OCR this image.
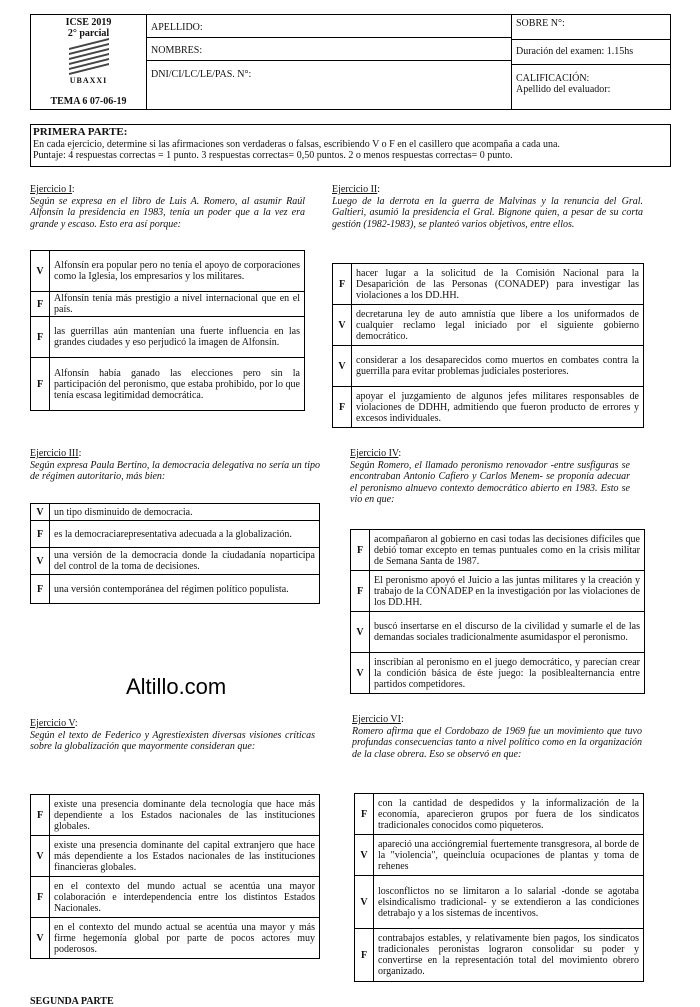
ICSE 2019
2° parcial
UBAXXI
TEMA 6 07-06-19
APELLIDO:
NOMBRES:
DNI/CI/LC/LE/PAS. N°:
SOBRE N°:
Duración del examen: 1.15hs
CALIFICACIÓN:
Apellido del evaluador:
PRIMERA PARTE:
En cada ejercicio, determine si las afirmaciones son verdaderas o falsas, escribiendo V o F en el casillero que acompaña a cada una.
Puntaje: 4 respuestas correctas = 1 punto. 3 respuestas correctas= 0,50 puntos. 2 o menos respuestas correctas= 0 punto.
Ejercicio I:
Según se expresa en el libro de Luis A. Romero, al asumir Raúl Alfonsín la presidencia en 1983, tenía un poder que a la vez era grande y escaso. Esto era así porque:
V	Alfonsín era popular pero no tenía el apoyo de corporaciones como la Iglesia, los empresarios y los militares.
F	Alfonsín tenía más prestigio a nivel internacional que en el país.
F	las guerrillas aún mantenían una fuerte influencia en las grandes ciudades y eso perjudicó la imagen de Alfonsín.
F	Alfonsín había ganado las elecciones pero sin la participación del peronismo, que estaba prohibido, por lo que tenía escasa legitimidad democrática.
Ejercicio II:
Luego de la derrota en la guerra de Malvinas y la renuncia del Gral. Galtieri, asumió la presidencia el Gral. Bignone quien, a pesar de su corta gestión (1982-1983), se planteó varios objetivos, entre ellos.
F	hacer lugar a la solicitud de la Comisión Nacional para la Desaparición de las Personas (CONADEP) para investigar las violaciones a los DD.HH.
V	decretaruna ley de auto amnistía que libere a los uniformados de cualquier reclamo legal iniciado por el siguiente gobierno democrático.
V	considerar a los desaparecidos como muertos en combates contra la guerrilla para evitar problemas judiciales posteriores.
F	apoyar el juzgamiento de algunos jefes militares responsables de violaciones de DDHH, admitiendo que fueron producto de errores y excesos individuales.
Ejercicio III:
Según expresa Paula Bertino, la democracia delegativa no sería un tipo de régimen autoritario, más bien:
V	un tipo disminuido de democracia.
F	es la democraciarepresentativa adecuada a la globalización.
V	una versión de la democracia donde la ciudadanía noparticipa del control de la toma de decisiones.
F	una versión contemporánea del régimen político populista.
Ejercicio IV:
Según Romero, el llamado peronismo renovador -entre susfiguras se encontraban Antonio Cafiero y Carlos Menem- se proponía adecuar el peronismo alnuevo contexto democrático abierto en 1983. Esto se vio en que:
F	acompañaron al gobierno en casi todas las decisiones difíciles que debió tomar excepto en temas puntuales como en la crisis militar de Semana Santa de 1987.
F	El peronismo apoyó el Juicio a las juntas militares y la creación y trabajo de la CONADEP en la investigación por las violaciones de los DD.HH.
V	buscó insertarse en el discurso de la civilidad y sumarle el de las demandas sociales tradicionalmente asumidaspor el peronismo.
V	inscribían al peronismo en el juego democrático, y parecían crear la condición básica de éste juego: la posiblealternancia entre partidos competidores.
Altillo.com
Ejercicio V:
Según el texto de Federico y Agrestiexisten diversas visiones críticas sobre la globalización que mayormente consideran que:
F	existe una presencia dominante dela tecnología que hace más dependiente a los Estados nacionales de las instituciones globales.
V	existe una presencia dominante del capital extranjero que hace más dependiente a los Estados nacionales de las instituciones financieras globales.
F	en el contexto del mundo actual se acentúa una mayor colaboración e interdependencia entre los distintos Estados Nacionales.
V	en el contexto del mundo actual se acentúa una mayor y más firme hegemonía global por parte de pocos actores muy poderosos.
Ejercicio VI:
Romero afirma que el Cordobazo de 1969 fue un movimiento que tuvo profundas consecuencias tanto a nivel político como en la organización de la clase obrera. Eso se observó en que:
F	con la cantidad de despedidos y la informalización de la economía, aparecieron grupos por fuera de los sindicatos tradicionales conocidos como piqueteros.
V	apareció una accióngremial fuertemente transgresora, al borde de la "violencia", queincluía ocupaciones de plantas y toma de rehenes
V	losconflictos no se limitaron a lo salarial -donde se agotaba elsindicalismo tradicional- y se extendieron a las condiciones detrabajo y a los sistemas de incentivos.
F	contrabajos estables, y relativamente bien pagos, los sindicatos tradicionales peronistas lograron consolidar su poder y convertirse en la representación total del movimiento obrero organizado.
SEGUNDA PARTE
